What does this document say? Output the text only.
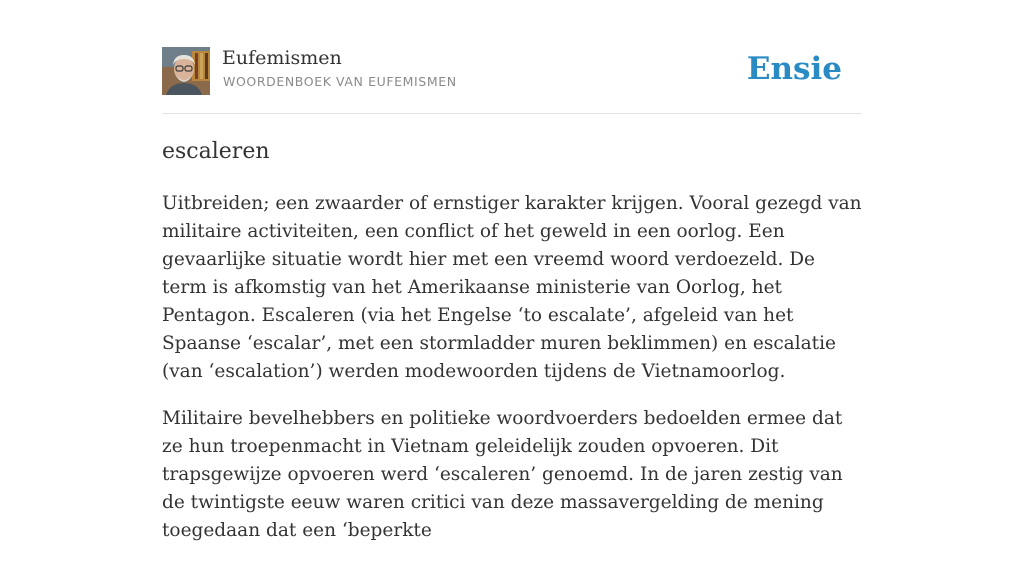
Eufemismen
WOORDENBOEK VAN EUFEMISMEN	Ensie
escaleren

Uitbreiden; een zwaarder of ernstiger karakter krijgen. Vooral gezegd van militaire activiteiten, een conflict of het geweld in een oorlog. Een gevaarlijke situatie wordt hier met een vreemd woord verdoezeld. De term is afkomstig van het Amerikaanse ministerie van Oorlog, het Pentagon. Escaleren (via het Engelse ‘to escalate’, afgeleid van het Spaanse ‘escalar’, met een stormladder muren beklimmen) en escalatie (van ‘escalation’) werden modewoorden tijdens de Vietnamoorlog.

Militaire bevelhebbers en politieke woordvoerders bedoelden ermee dat ze hun troepenmacht in Vietnam geleidelijk zouden opvoeren. Dit trapsgewijze opvoeren werd ‘escaleren’ genoemd. In de jaren zestig van de twintigste eeuw waren critici van deze massavergelding de mening toegedaan dat een ‘beperkte
